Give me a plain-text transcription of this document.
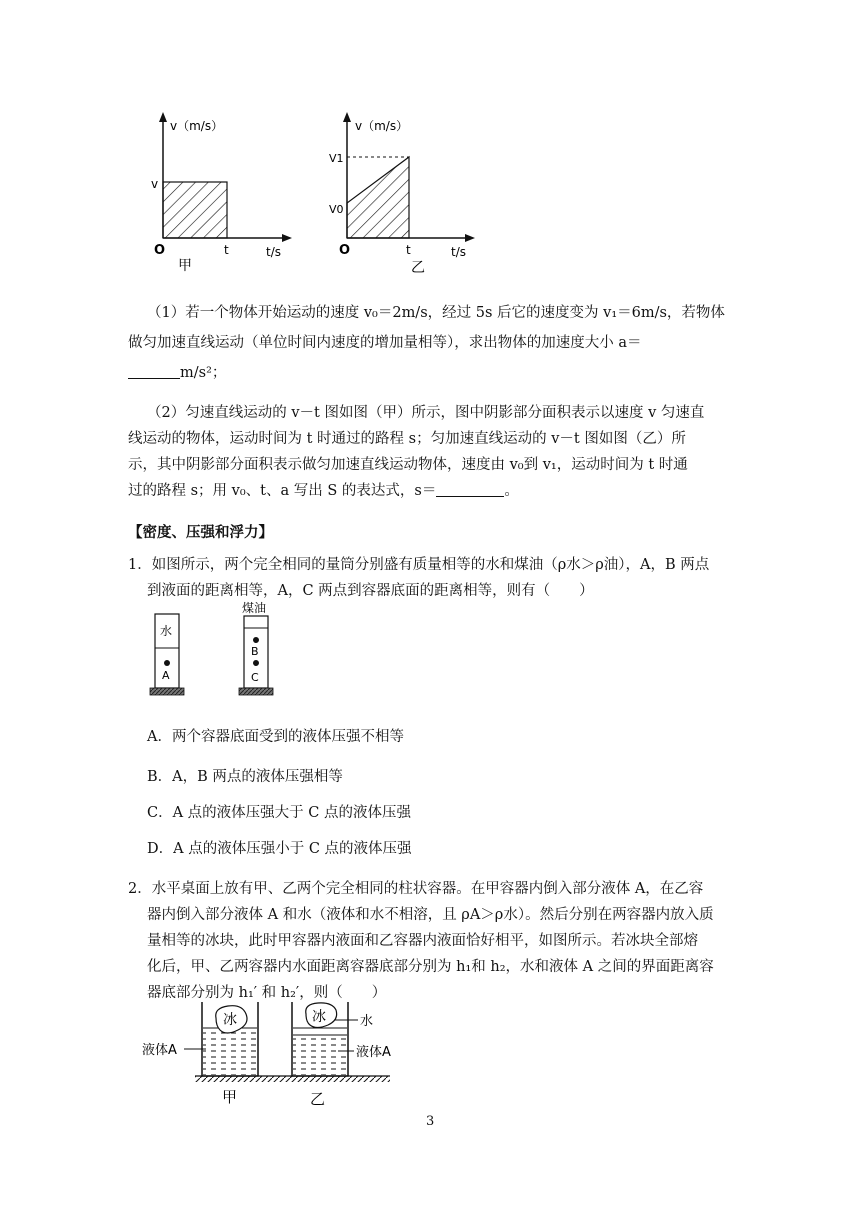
v（m/s）
v
O	t	t/s
甲
v（m/s）
V1
V0
O	t	t/s
乙
（1）若一个物体开始运动的速度 v₀＝2m/s，经过 5s 后它的速度变为 v₁＝6m/s，若物体
做匀加速直线运动（单位时间内速度的增加量相等），求出物体的加速度大小 a＝
m/s²；
（2）匀速直线运动的 v－t 图如图（甲）所示，图中阴影部分面积表示以速度 v 匀速直
线运动的物体，运动时间为 t 时通过的路程 s；匀加速直线运动的 v－t 图如图（乙）所
示，其中阴影部分面积表示做匀加速直线运动物体，速度由 v₀到 v₁，运动时间为 t 时通
过的路程 s；用 v₀、t、a 写出 S 的表达式，s＝	。
【密度、压强和浮力】
1．如图所示，两个完全相同的量筒分别盛有质量相等的水和煤油（ρ水＞ρ油），A，B 两点
到液面的距离相等，A，C 两点到容器底面的距离相等，则有（　　）
水
A
煤油
B
C
A．两个容器底面受到的液体压强不相等
B．A，B 两点的液体压强相等
C．A 点的液体压强大于 C 点的液体压强
D．A 点的液体压强小于 C 点的液体压强
2．水平桌面上放有甲、乙两个完全相同的柱状容器。在甲容器内倒入部分液体 A，在乙容
器内倒入部分液体 A 和水（液体和水不相溶，且 ρA＞ρ水）。然后分别在两容器内放入质
量相等的冰块，此时甲容器内液面和乙容器内液面恰好相平，如图所示。若冰块全部熔
化后，甲、乙两容器内水面距离容器底部分别为 h₁和 h₂，水和液体 A 之间的界面距离容
器底部分别为 h₁′ 和 h₂′，则（　　）
冰
液体A
冰	水
液体A
甲	乙
3
